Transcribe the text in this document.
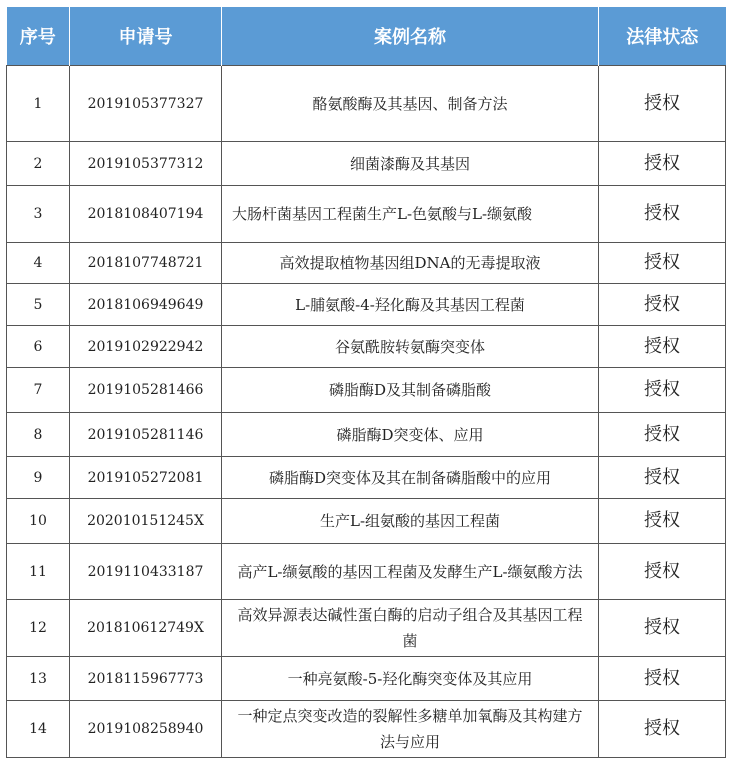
序号	申请号	案例名称	法律状态
1	2019105377327	酪氨酸酶及其基因、制备方法	授权
2	2019105377312	细菌漆酶及其基因	授权
3	2018108407194	大肠杆菌基因工程菌生产L-色氨酸与L-缬氨酸	授权
4	2018107748721	高效提取植物基因组DNA的无毒提取液	授权
5	2018106949649	L-脯氨酸-4-羟化酶及其基因工程菌	授权
6	2019102922942	谷氨酰胺转氨酶突变体	授权
7	2019105281466	磷脂酶D及其制备磷脂酸	授权
8	2019105281146	磷脂酶D突变体、应用	授权
9	2019105272081	磷脂酶D突变体及其在制备磷脂酸中的应用	授权
10	202010151245X	生产L-组氨酸的基因工程菌	授权
11	2019110433187	高产L-缬氨酸的基因工程菌及发酵生产L-缬氨酸方法	授权
12	201810612749X	高效异源表达碱性蛋白酶的启动子组合及其基因工程菌	授权
13	2018115967773	一种亮氨酸-5-羟化酶突变体及其应用	授权
14	2019108258940	一种定点突变改造的裂解性多糖单加氧酶及其构建方法与应用	授权
